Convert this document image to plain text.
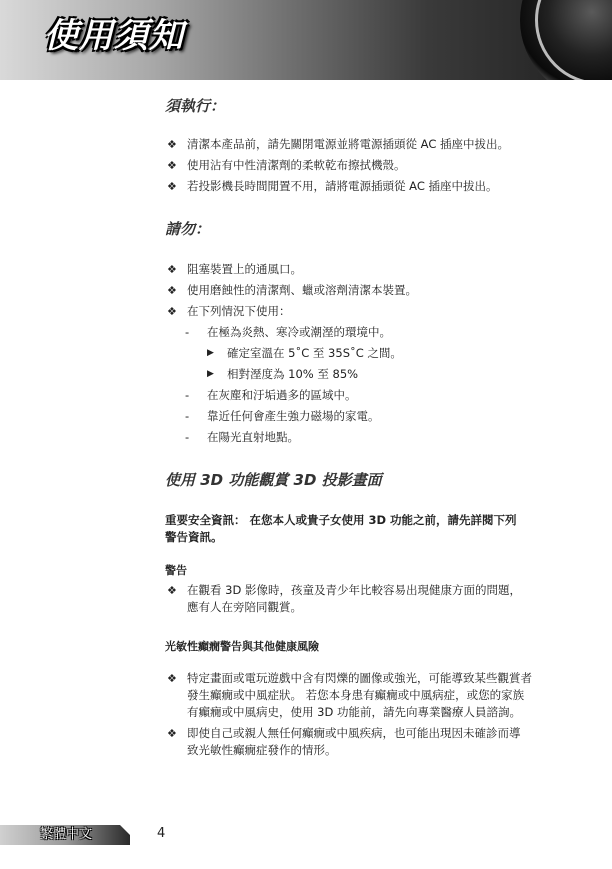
使用須知
須執行：
❖ 清潔本產品前，請先關閉電源並將電源插頭從 AC 插座中拔出。
❖ 使用沾有中性清潔劑的柔軟乾布擦拭機殼。
❖ 若投影機長時間閒置不用，請將電源插頭從 AC 插座中拔出。
請勿：
❖ 阻塞裝置上的通風口。
❖ 使用磨蝕性的清潔劑、蠟或溶劑清潔本裝置。
❖ 在下列情況下使用：
- 在極為炎熱、寒冷或潮溼的環境中。
▶ 確定室溫在 5˚C 至 35S˚C 之間。
▶ 相對溼度為 10% 至 85%
- 在灰塵和汙垢過多的區域中。
- 靠近任何會產生強力磁場的家電。
- 在陽光直射地點。
使用 3D 功能觀賞 3D 投影畫面
重要安全資訊： 在您本人或貴子女使用 3D 功能之前，請先詳閱下列
警告資訊。
警告
❖ 在觀看 3D 影像時，孩童及青少年比較容易出現健康方面的問題，
應有人在旁陪同觀賞。
光敏性癲癇警告與其他健康風險
❖ 特定畫面或電玩遊戲中含有閃爍的圖像或強光，可能導致某些觀賞者
發生癲癇或中風症狀。 若您本身患有癲癇或中風病症，或您的家族
有癲癇或中風病史，使用 3D 功能前，請先向專業醫療人員諮詢。
❖ 即使自己或親人無任何癲癇或中風疾病，也可能出現因未確診而導
致光敏性癲癇症發作的情形。
繁體中文	4
